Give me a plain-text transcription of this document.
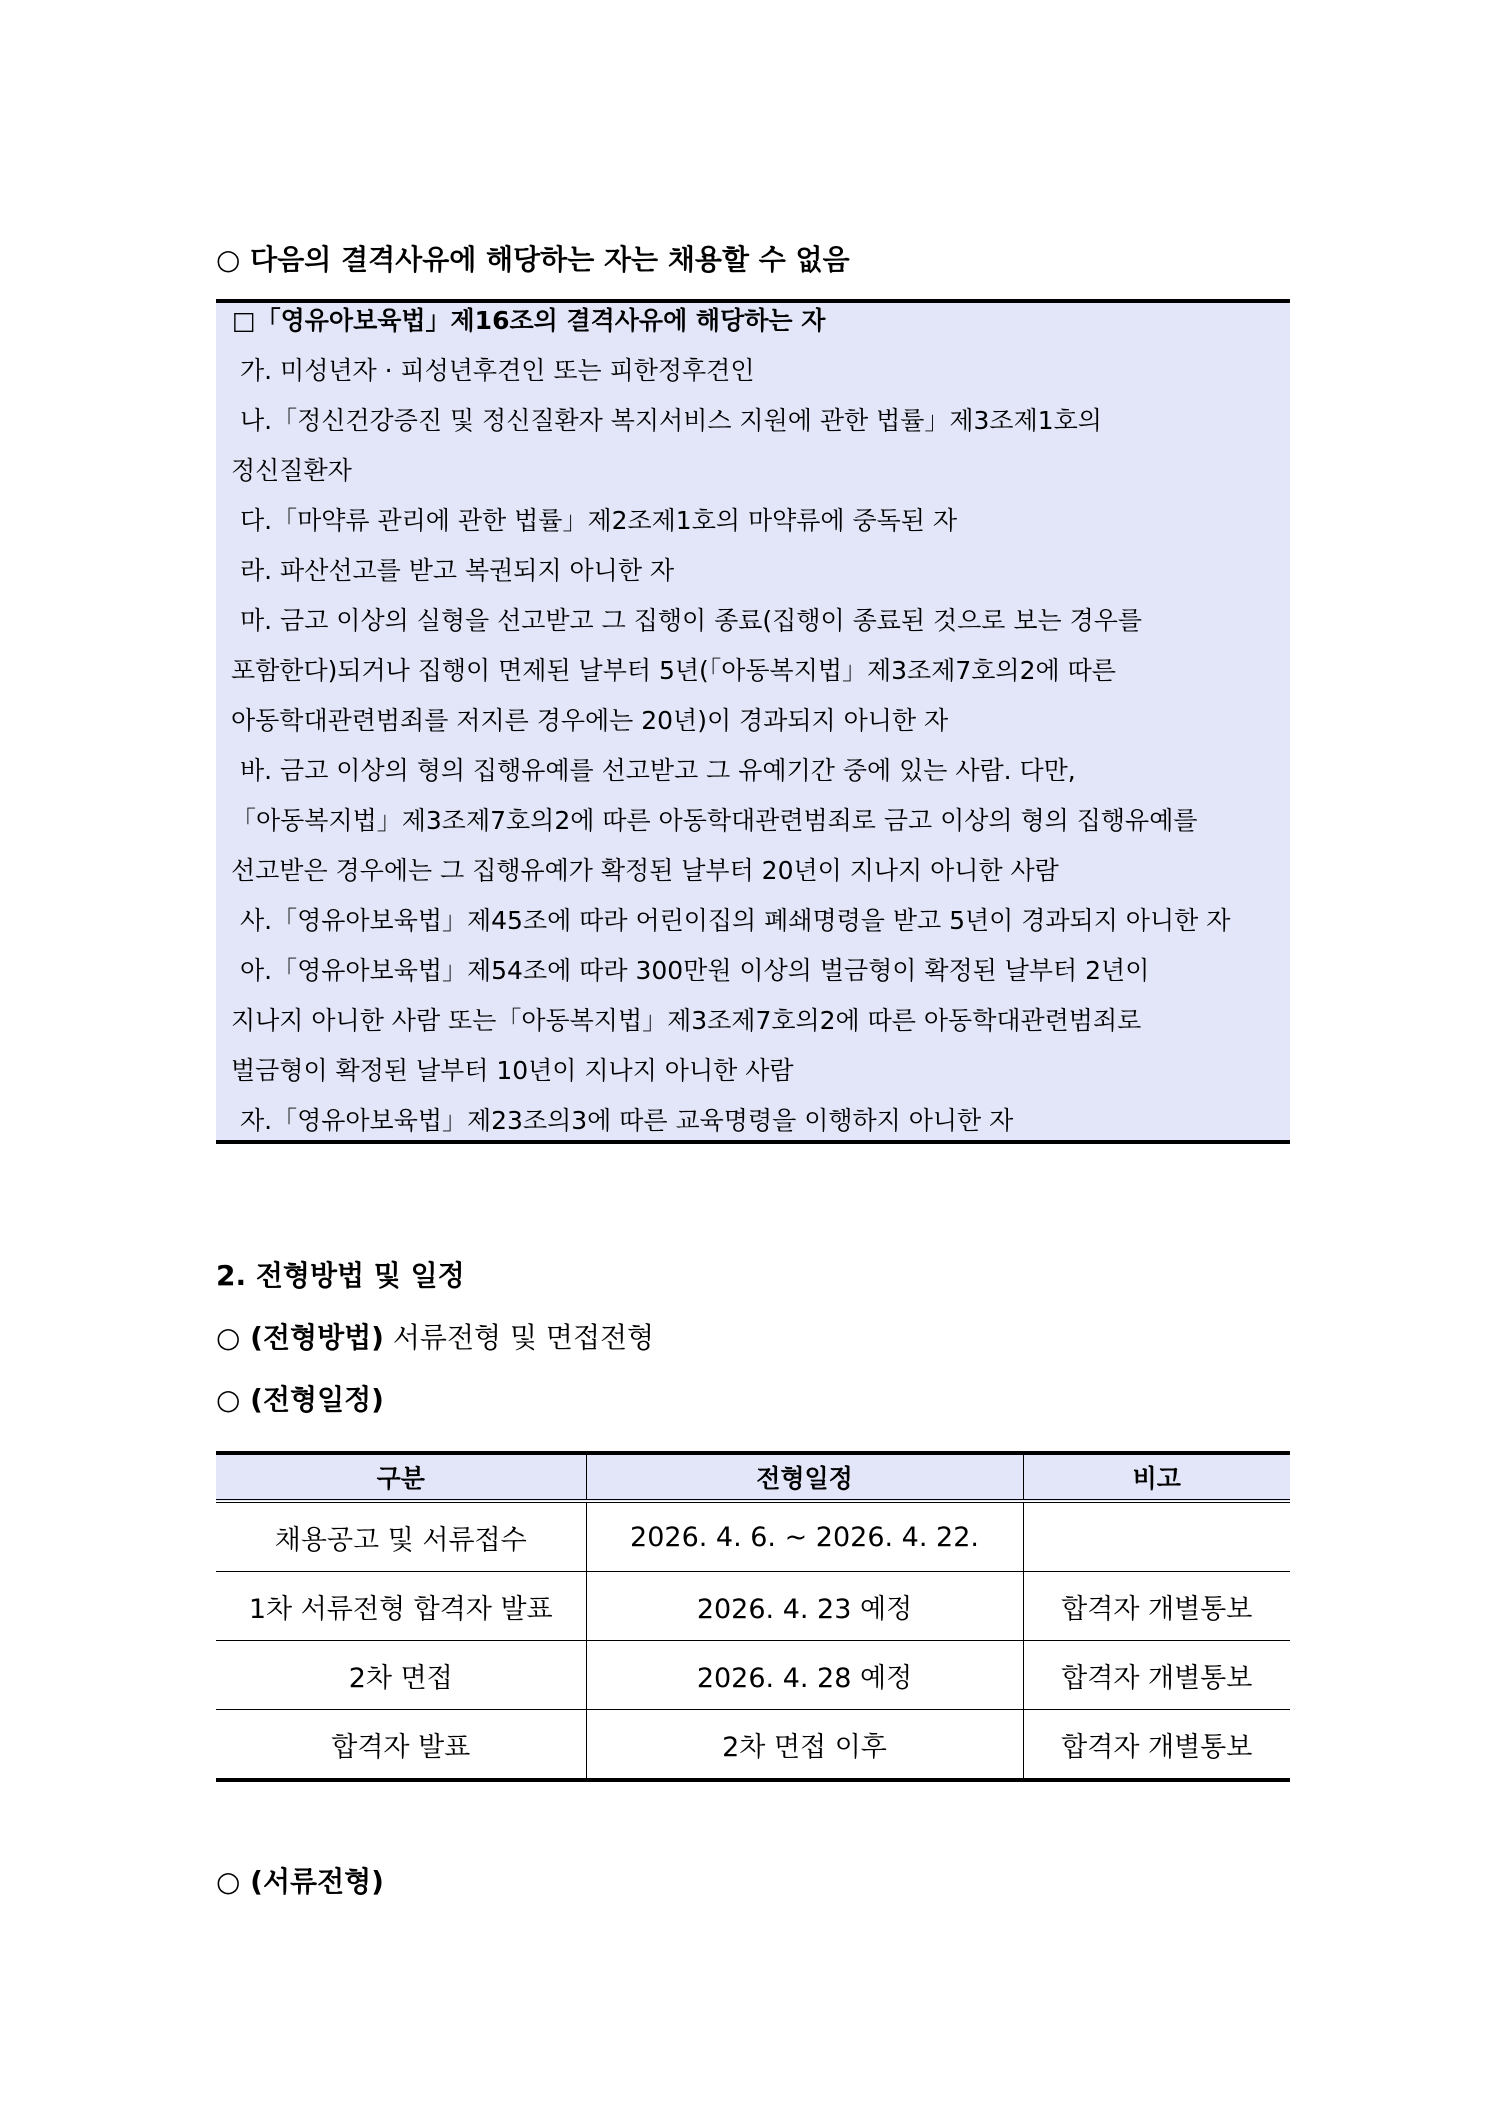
○ 다음의 결격사유에 해당하는 자는 채용할 수 없음
□「영유아보육법」제16조의 결격사유에 해당하는 자
가. 미성년자 · 피성년후견인 또는 피한정후견인
나.「정신건강증진 및 정신질환자 복지서비스 지원에 관한 법률」제3조제1호의
정신질환자
다.「마약류 관리에 관한 법률」제2조제1호의 마약류에 중독된 자
라. 파산선고를 받고 복권되지 아니한 자
마. 금고 이상의 실형을 선고받고 그 집행이 종료(집행이 종료된 것으로 보는 경우를
포함한다)되거나 집행이 면제된 날부터 5년(「아동복지법」제3조제7호의2에 따른
아동학대관련범죄를 저지른 경우에는 20년)이 경과되지 아니한 자
바. 금고 이상의 형의 집행유예를 선고받고 그 유예기간 중에 있는 사람. 다만,
「아동복지법」제3조제7호의2에 따른 아동학대관련범죄로 금고 이상의 형의 집행유예를
선고받은 경우에는 그 집행유예가 확정된 날부터 20년이 지나지 아니한 사람
사.「영유아보육법」제45조에 따라 어린이집의 폐쇄명령을 받고 5년이 경과되지 아니한 자
아.「영유아보육법」제54조에 따라 300만원 이상의 벌금형이 확정된 날부터 2년이
지나지 아니한 사람 또는「아동복지법」제3조제7호의2에 따른 아동학대관련범죄로
벌금형이 확정된 날부터 10년이 지나지 아니한 사람
자.「영유아보육법」제23조의3에 따른 교육명령을 이행하지 아니한 자
2. 전형방법 및 일정
○ (전형방법) 서류전형 및 면접전형
○ (전형일정)
구분	전형일정	비고
채용공고 및 서류접수	2026. 4. 6. ~ 2026. 4. 22.	
1차 서류전형 합격자 발표	2026. 4. 23 예정	합격자 개별통보
2차 면접	2026. 4. 28 예정	합격자 개별통보
합격자 발표	2차 면접 이후	합격자 개별통보
○ (서류전형)
